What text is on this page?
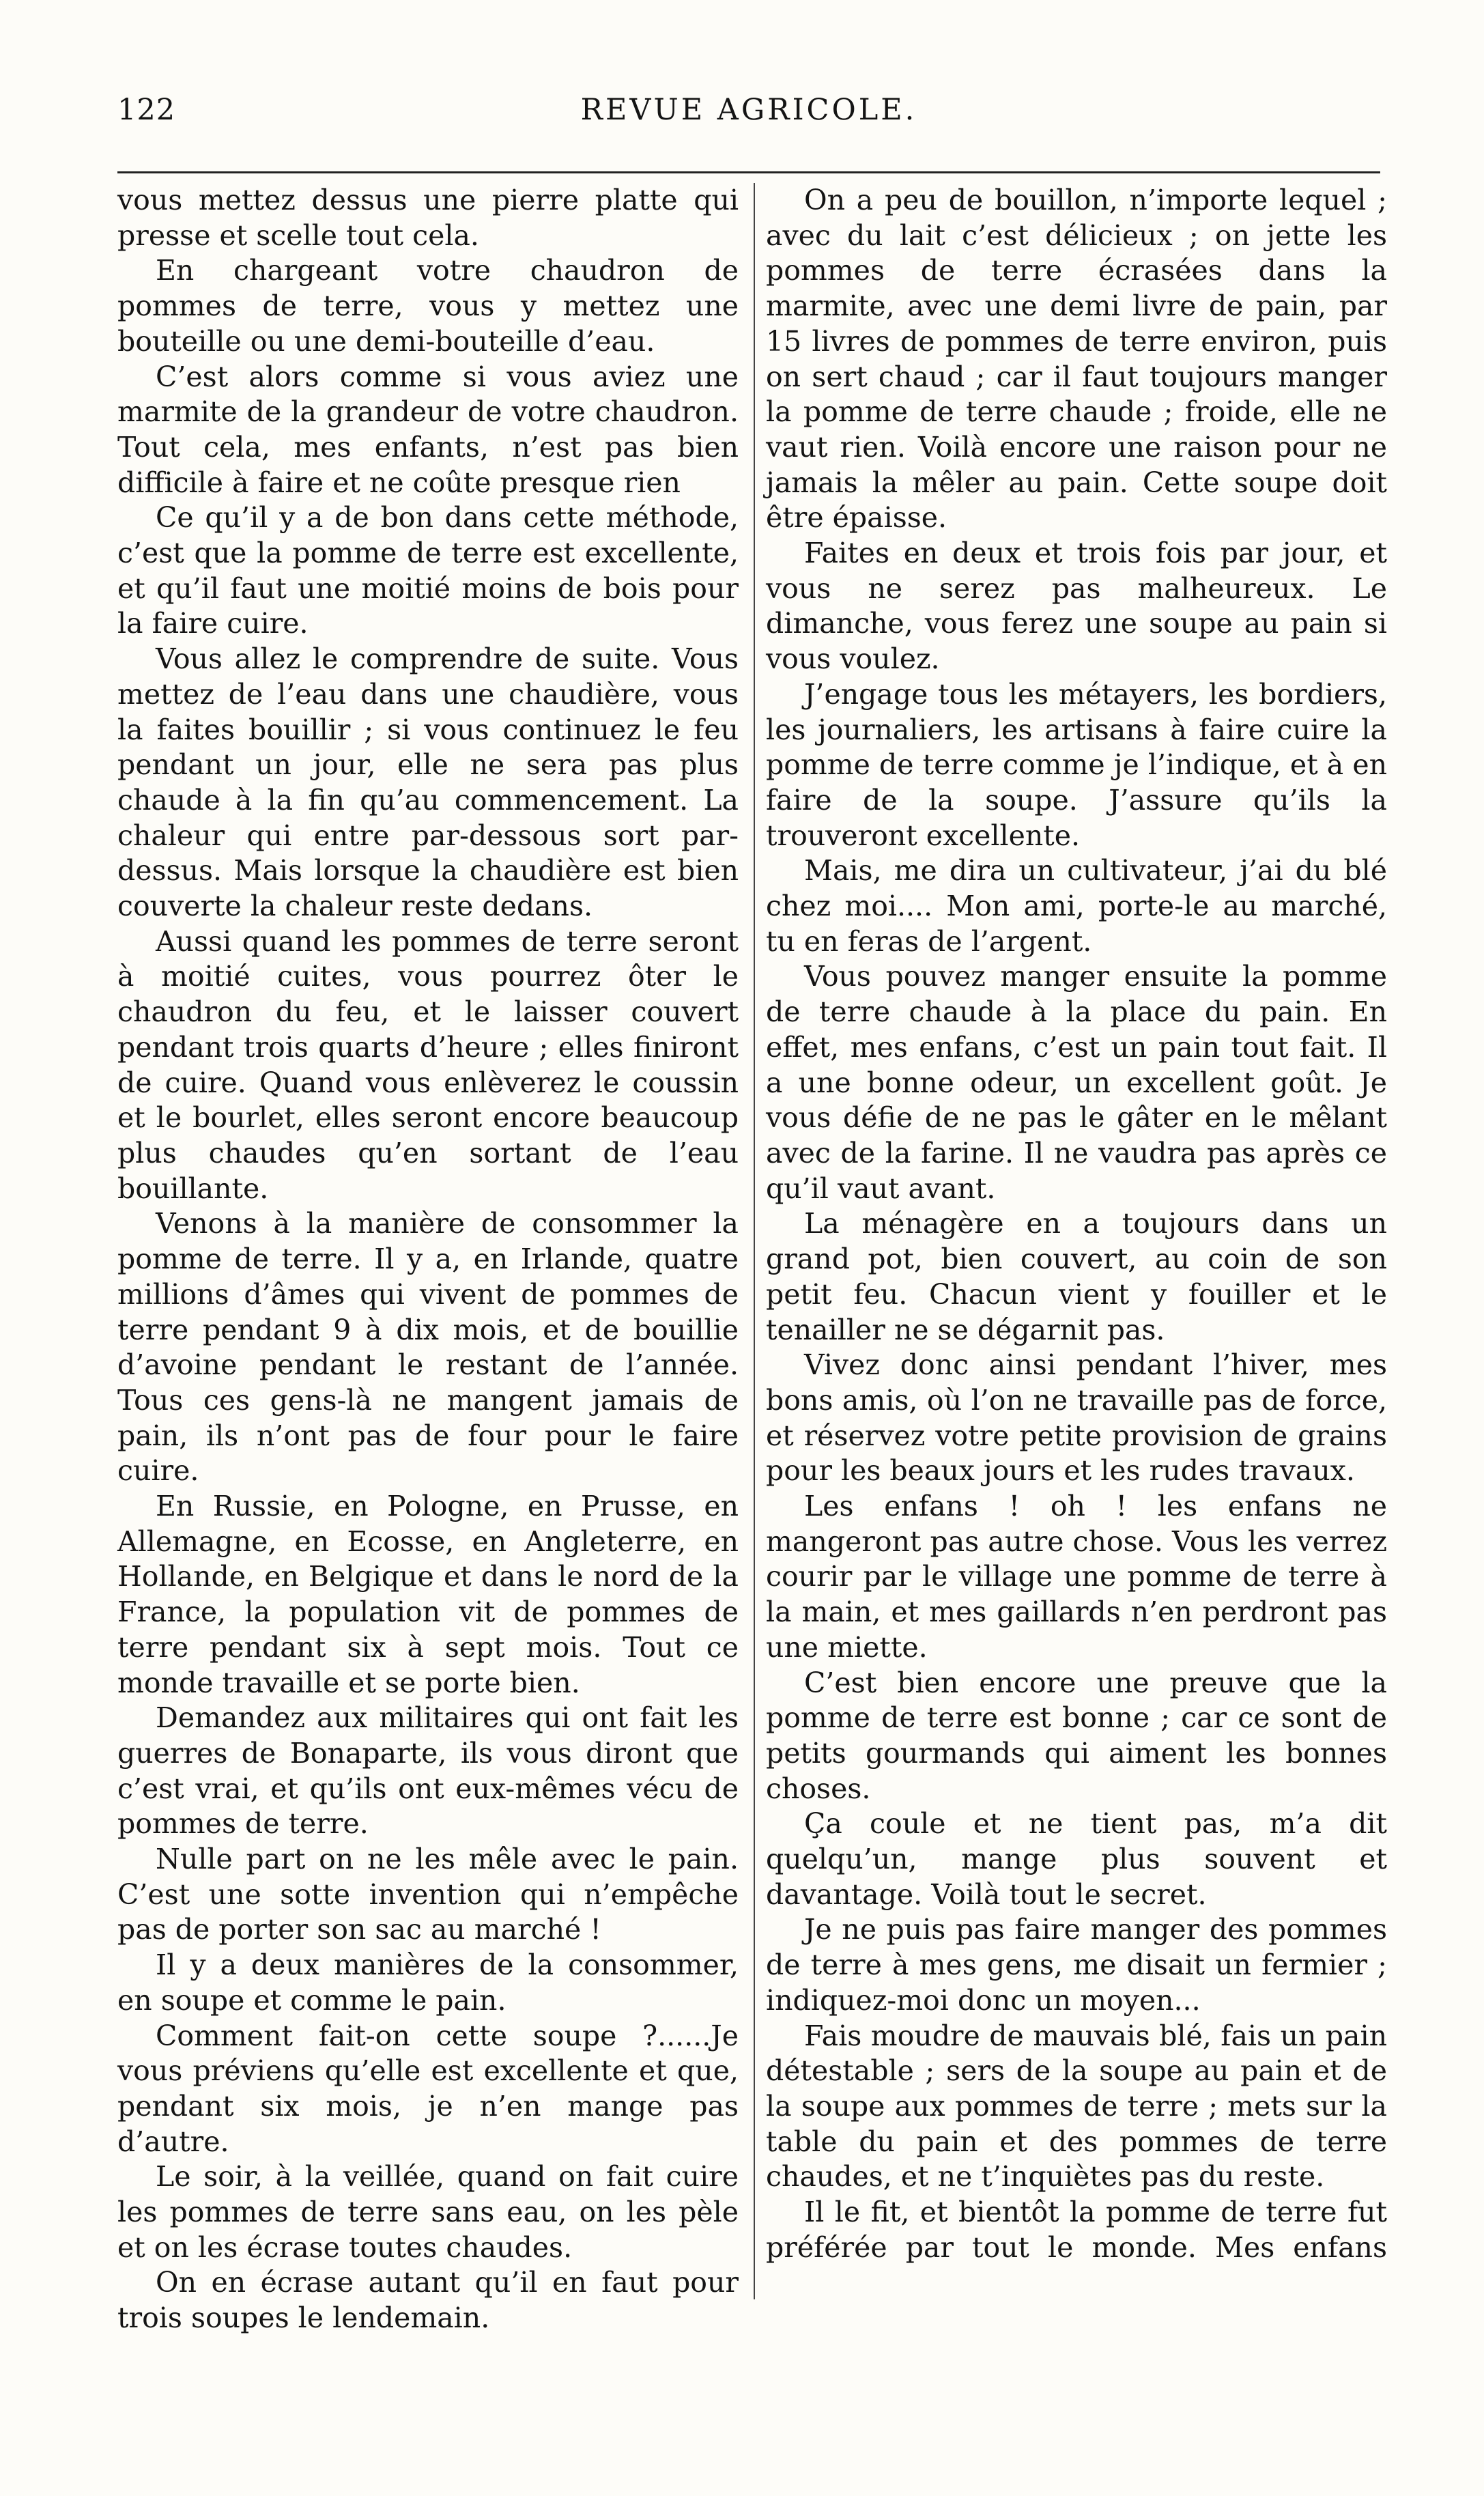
122	REVUE AGRICOLE.

vous mettez dessus une pierre platte qui presse et scelle tout cela.

En chargeant votre chaudron de pommes de terre, vous y mettez une bouteille ou une demi-bouteille d’eau.

C’est alors comme si vous aviez une marmite de la grandeur de votre chaudron. Tout cela, mes enfants, n’est pas bien difficile à faire et ne coûte presque rien

Ce qu’il y a de bon dans cette méthode, c’est que la pomme de terre est excellente, et qu’il faut une moitié moins de bois pour la faire cuire.

Vous allez le comprendre de suite. Vous mettez de l’eau dans une chaudière, vous la faites bouillir ; si vous continuez le feu pendant un jour, elle ne sera pas plus chaude à la fin qu’au commencement. La chaleur qui entre par-dessous sort par-dessus. Mais lorsque la chaudière est bien couverte la chaleur reste dedans.

Aussi quand les pommes de terre seront à moitié cuites, vous pourrez ôter le chaudron du feu, et le laisser couvert pendant trois quarts d’heure ; elles finiront de cuire. Quand vous enlèverez le coussin et le bourlet, elles seront encore beaucoup plus chaudes qu’en sortant de l’eau bouillante.

Venons à la manière de consommer la pomme de terre. Il y a, en Irlande, quatre millions d’âmes qui vivent de pommes de terre pendant 9 à dix mois, et de bouillie d’avoine pendant le restant de l’année. Tous ces gens-là ne mangent jamais de pain, ils n’ont pas de four pour le faire cuire.

En Russie, en Pologne, en Prusse, en Allemagne, en Ecosse, en Angleterre, en Hollande, en Belgique et dans le nord de la France, la population vit de pommes de terre pendant six à sept mois. Tout ce monde travaille et se porte bien.

Demandez aux militaires qui ont fait les guerres de Bonaparte, ils vous diront que c’est vrai, et qu’ils ont eux-mêmes vécu de pommes de terre.

Nulle part on ne les mêle avec le pain. C’est une sotte invention qui n’empêche pas de porter son sac au marché !

Il y a deux manières de la consommer, en soupe et comme le pain.

Comment fait-on cette soupe ?......Je vous préviens qu’elle est excellente et que, pendant six mois, je n’en mange pas d’autre.

Le soir, à la veillée, quand on fait cuire les pommes de terre sans eau, on les pèle et on les écrase toutes chaudes.

On en écrase autant qu’il en faut pour trois soupes le lendemain.

On a peu de bouillon, n’importe lequel ; avec du lait c’est délicieux ; on jette les pommes de terre écrasées dans la marmite, avec une demi livre de pain, par 15 livres de pommes de terre environ, puis on sert chaud ; car il faut toujours manger la pomme de terre chaude ; froide, elle ne vaut rien. Voilà encore une raison pour ne jamais la mêler au pain. Cette soupe doit être épaisse.

Faites en deux et trois fois par jour, et vous ne serez pas malheureux. Le dimanche, vous ferez une soupe au pain si vous voulez.

J’engage tous les métayers, les bordiers, les journaliers, les artisans à faire cuire la pomme de terre comme je l’indique, et à en faire de la soupe. J’assure qu’ils la trouveront excellente.

Mais, me dira un cultivateur, j’ai du blé chez moi.... Mon ami, porte-le au marché, tu en feras de l’argent.

Vous pouvez manger ensuite la pomme de terre chaude à la place du pain. En effet, mes enfans, c’est un pain tout fait. Il a une bonne odeur, un excellent goût. Je vous défie de ne pas le gâter en le mêlant avec de la farine. Il ne vaudra pas après ce qu’il vaut avant.

La ménagère en a toujours dans un grand pot, bien couvert, au coin de son petit feu. Chacun vient y fouiller et le tenailler ne se dégarnit pas.

Vivez donc ainsi pendant l’hiver, mes bons amis, où l’on ne travaille pas de force, et réservez votre petite provision de grains pour les beaux jours et les rudes travaux.

Les enfans ! oh ! les enfans ne mangeront pas autre chose. Vous les verrez courir par le village une pomme de terre à la main, et mes gaillards n’en perdront pas une miette.

C’est bien encore une preuve que la pomme de terre est bonne ; car ce sont de petits gourmands qui aiment les bonnes choses.

Ça coule et ne tient pas, m’a dit quelqu’un, mange plus souvent et davantage. Voilà tout le secret.

Je ne puis pas faire manger des pommes de terre à mes gens, me disait un fermier ; indiquez-moi donc un moyen...

Fais moudre de mauvais blé, fais un pain détestable ; sers de la soupe au pain et de la soupe aux pommes de terre ; mets sur la table du pain et des pommes de terre chaudes, et ne t’inquiètes pas du reste.

Il le fit, et bientôt la pomme de terre fut préférée par tout le monde. Mes enfans
